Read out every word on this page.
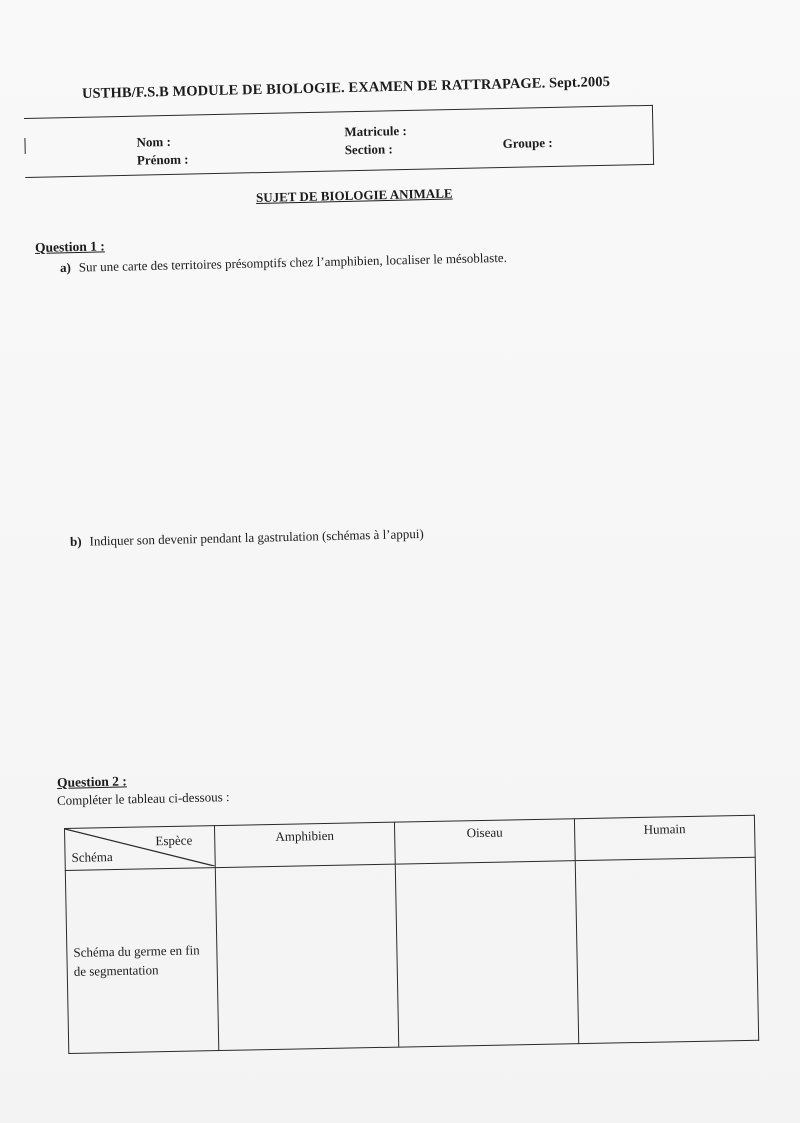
USTHB/F.S.B MODULE DE BIOLOGIE. EXAMEN DE RATTRAPAGE. Sept.2005
Nom :
Prénom :
Matricule :
Section :	Groupe :
SUJET DE BIOLOGIE ANIMALE
Question 1 :
a) Sur une carte des territoires présomptifs chez l’amphibien, localiser le mésoblaste.
b) Indiquer son devenir pendant la gastrulation (schémas à l’appui)
Question 2 :
Compléter le tableau ci-dessous :
Espèce
Schéma	Amphibien	Oiseau	Humain
Schéma du germe en fin de segmentation			
